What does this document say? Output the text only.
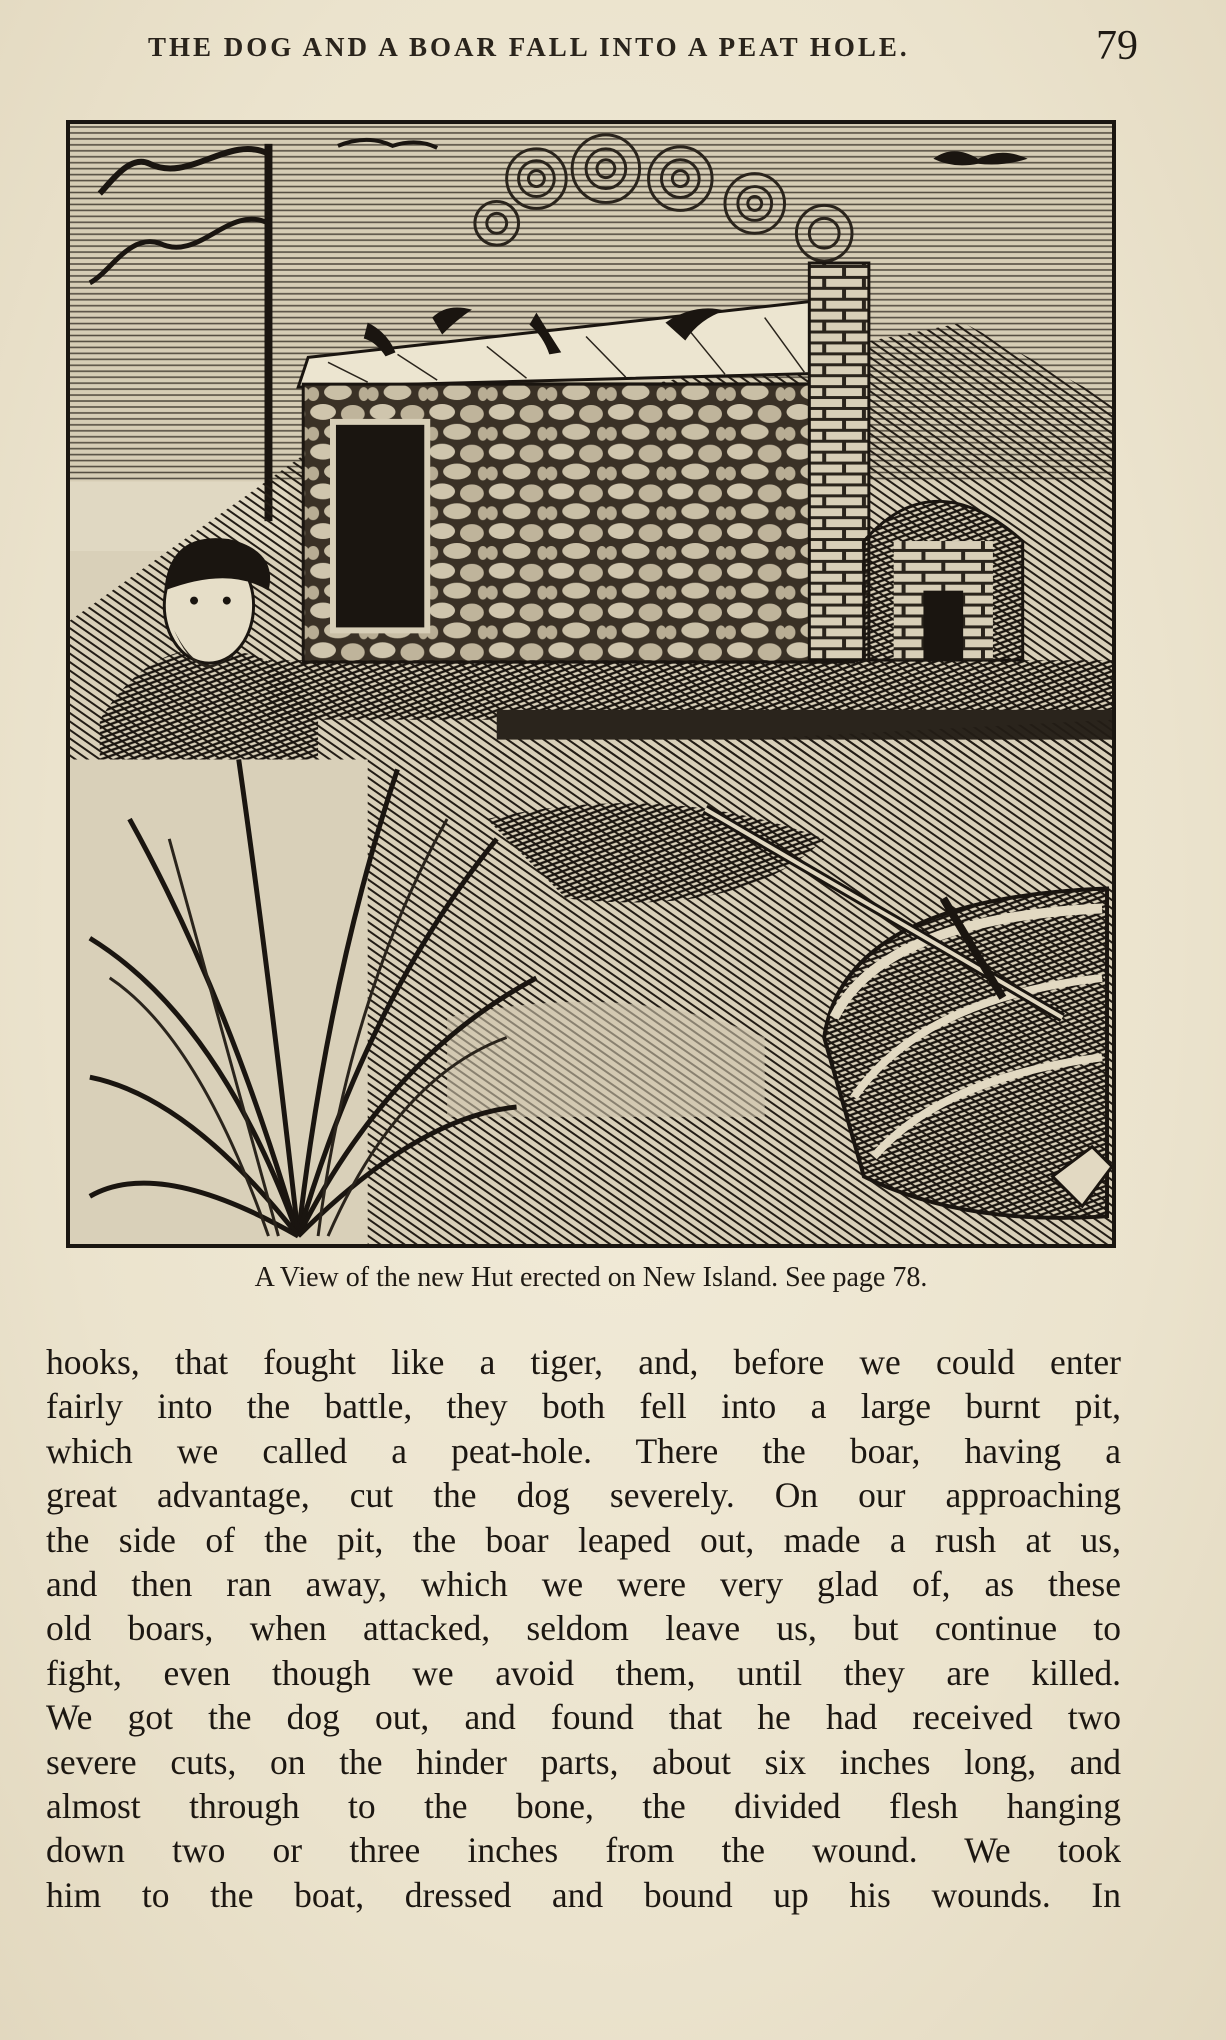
THE DOG AND A BOAR FALL INTO A PEAT HOLE.	79
A View of the new Hut erected on New Island. See page 78.
hooks, that fought like a tiger, and, before we could enter
fairly into the battle, they both fell into a large burnt pit,
which we called a peat-hole. There the boar, having a
great advantage, cut the dog severely. On our approaching
the side of the pit, the boar leaped out, made a rush at us,
and then ran away, which we were very glad of, as these
old boars, when attacked, seldom leave us, but continue to
fight, even though we avoid them, until they are killed.
We got the dog out, and found that he had received two
severe cuts, on the hinder parts, about six inches long, and
almost through to the bone, the divided flesh hanging
down two or three inches from the wound. We took
him to the boat, dressed and bound up his wounds. In
